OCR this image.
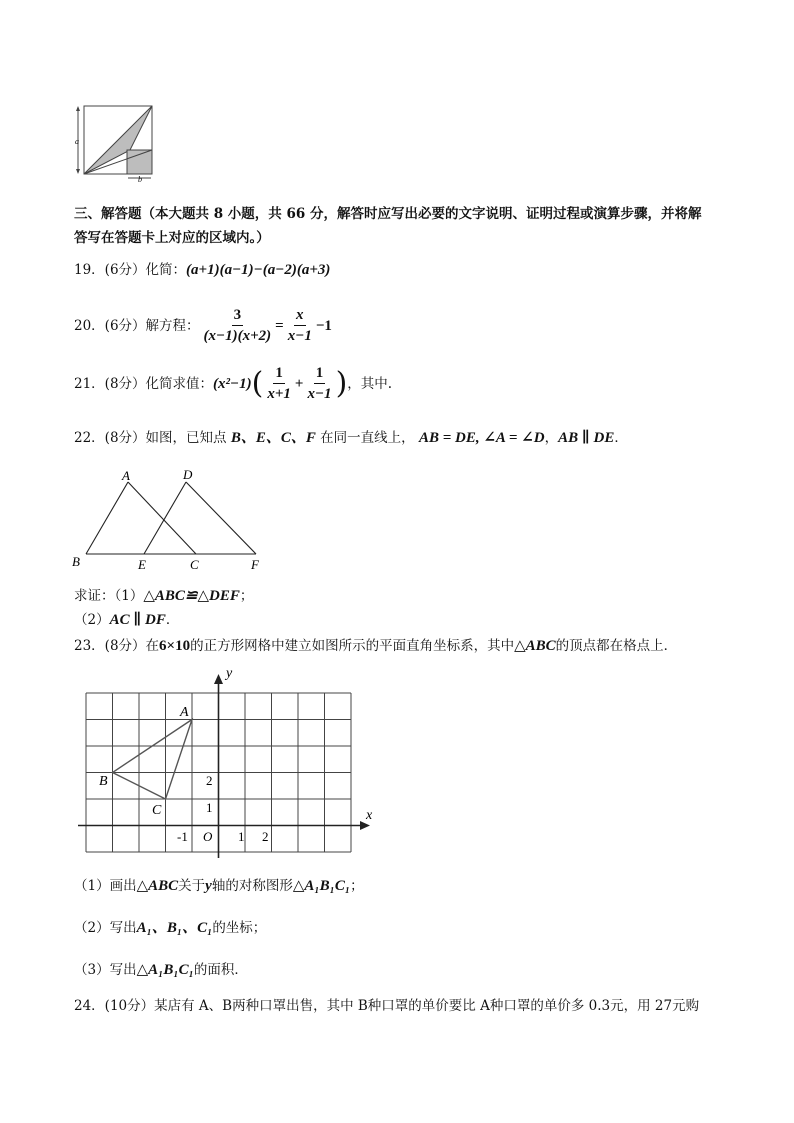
a
b
三、解答题（本大题共 8 小题，共 66 分，解答时应写出必要的文字说明、证明过程或演算步骤，并将解
答写在答题卡上对应的区域内。）
19．(6分）化简：(a+1)(a−1)−(a−2)(a+3)
20．(6分）解方程： $\frac{3}{(x-1)(x+2)} = \frac{x}{x-1} -1$
21．(8分）化简求值： (x²−1) ( $\frac{1}{x+1} + \frac{1}{x-1}$ ) ，其中.
22．(8分）如图，已知点 B、E、C、F 在同一直线上， AB = DE, ∠A = ∠D，AB ∥ DE．
A	D
B	E	C	F
求证：（1）△ABC≌△DEF；
（2）AC ∥ DF．
23．(8分）在6×10的正方形网格中建立如图所示的平面直角坐标系，其中△ABC的顶点都在格点上．
y
x
A
B
C
2
1
-1 O 1 2
（1）画出△ABC关于y轴的对称图形△A₁B₁C₁；
（2）写出A₁、B₁、C₁的坐标；
（3）写出△A₁B₁C₁的面积．
24．(10分）某店有 A、B两种口罩出售，其中 B种口罩的单价要比 A种口罩的单价多 0.3元，用 27元购
